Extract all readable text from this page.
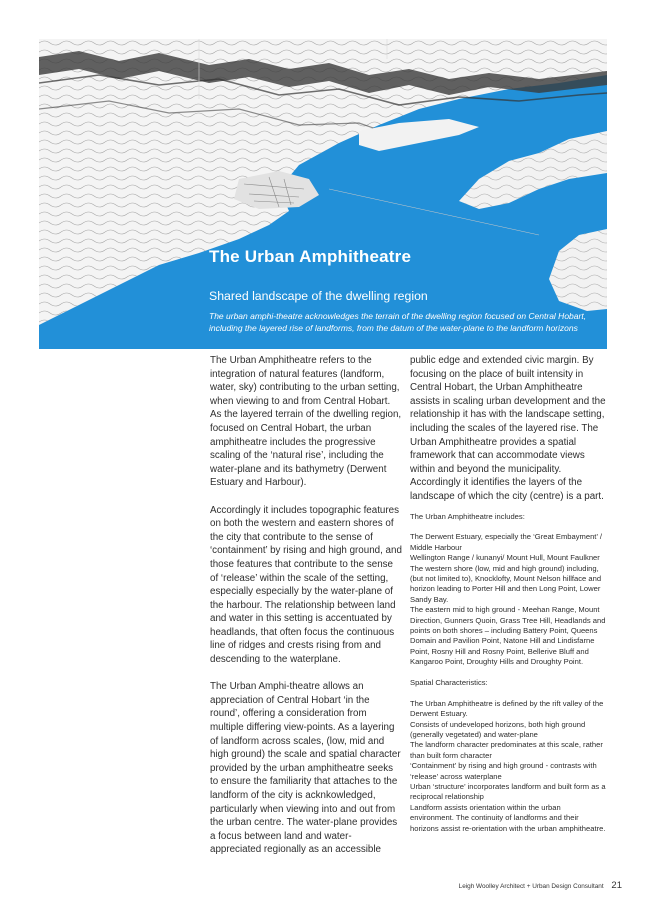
The Urban Amphitheatre

Shared landscape of the dwelling region

The urban amphi-theatre acknowledges the terrain of the dwelling region focused on Central Hobart, including the layered rise of landforms, from the datum of the water-plane to the landform horizons

The Urban Amphitheatre refers to the integration of natural features (landform, water, sky) contributing to the urban setting, when viewing to and from Central Hobart. As the layered terrain of the dwelling region, focused on Central Hobart, the urban amphitheatre includes the progressive scaling of the ‘natural rise’, including the water-plane and its bathymetry (Derwent Estuary and Harbour).

Accordingly it includes topographic features on both the western and eastern shores of the city that contribute to the sense of ‘containment’ by rising and high ground, and those features that contribute to the sense of ‘release’ within the scale of the setting, especially especially by the water-plane of the harbour. The relationship between land and water in this setting is accentuated by headlands, that often focus the continuous line of ridges and crests rising from and descending to the waterplane.

The Urban Amphi-theatre allows an appreciation of Central Hobart ‘in the round’, offering a consideration from multiple differing view-points. As a layering of landform across scales, (low, mid and high ground) the scale and spatial character provided by the urban amphitheatre seeks to ensure the familiarity that attaches to the landform of the city is acknkowledged, particularly when viewing into and out from the urban centre. The water-plane provides a focus between land and water-appreciated regionally as an accessible

public edge and extended civic margin. By focusing on the place of built intensity in Central Hobart, the Urban Amphitheatre assists in scaling urban development and the relationship it has with the landscape setting, including the scales of the layered rise. The Urban Amphitheatre provides a spatial framework that can accommodate views within and beyond the municipality. Accordingly it identifies the layers of the landscape of which the city (centre) is a part.

The Urban Amphitheatre includes:

The Derwent Estuary, especially the ‘Great Embayment’ / Middle Harbour

Wellington Range / kunanyi/ Mount Hull, Mount Faulkner

The western shore (low, mid and high ground) including, (but not limited to), Knocklofty, Mount Nelson hillface and horizon leading to Porter Hill and then Long Point, Lower Sandy Bay.

The eastern mid to high ground - Meehan Range, Mount Direction, Gunners Quoin, Grass Tree Hill, Headlands and points on both shores – including Battery Point, Queens Domain and Pavilion Point, Natone Hill and Lindisfarne Point, Rosny Hill and Rosny Point, Bellerive Bluff and Kangaroo Point, Droughty Hills and Droughty Point.

Spatial Characteristics:

The Urban Amphitheatre is defined by the rift valley of the Derwent Estuary.

Consists of undeveloped horizons, both high ground (generally vegetated) and water-plane

The landform character predominates at this scale, rather than built form character

‘Containment’ by rising and high ground - contrasts with ‘release’ across waterplane

Urban ‘structure’ incorporates landform and built form as a reciprocal relationship

Landform assists orientation within the urban environment. The continuity of landforms and their horizons assist re-orientation with the urban amphitheatre.

Leigh Woolley Architect + Urban Design Consultant 21
